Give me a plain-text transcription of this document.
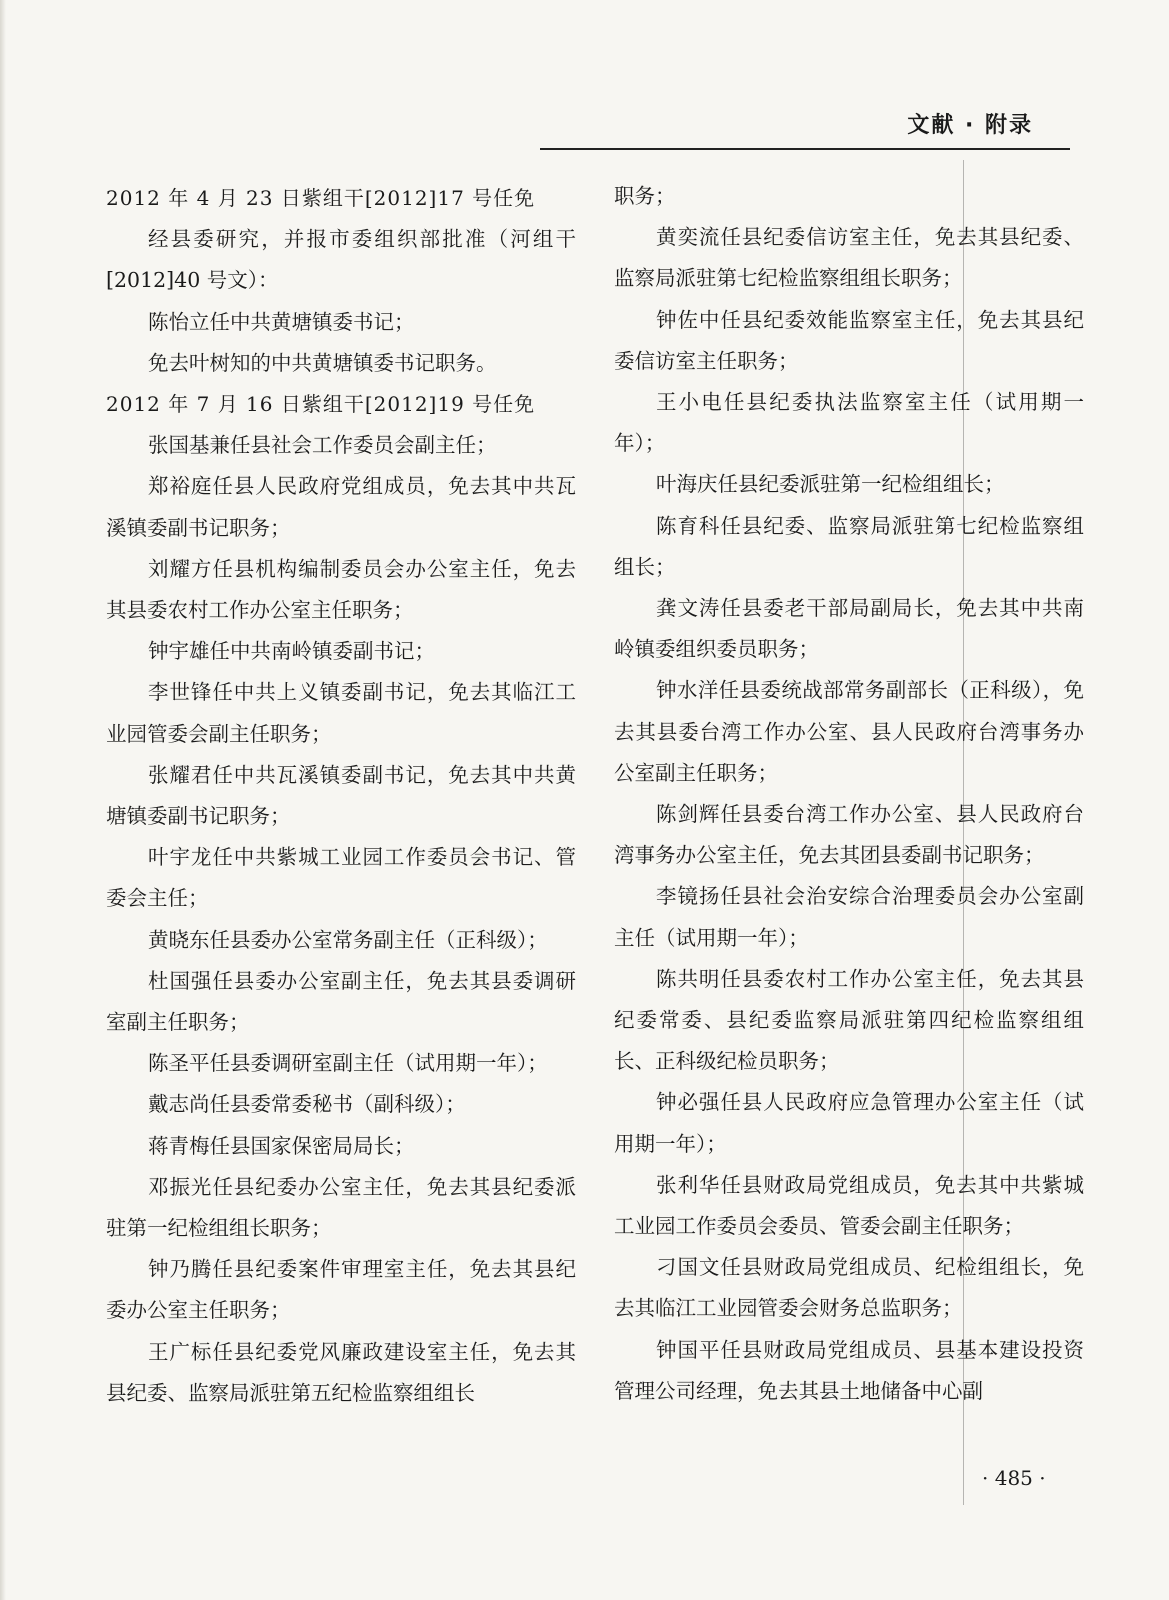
文献 · 附录

2012 年 4 月 23 日紫组干[2012]17 号任免

经县委研究，并报市委组织部批准（河组干[2012]40 号文）：

陈怡立任中共黄塘镇委书记；

免去叶树知的中共黄塘镇委书记职务。

2012 年 7 月 16 日紫组干[2012]19 号任免

张国基兼任县社会工作委员会副主任；

郑裕庭任县人民政府党组成员，免去其中共瓦溪镇委副书记职务；

刘耀方任县机构编制委员会办公室主任，免去其县委农村工作办公室主任职务；

钟宇雄任中共南岭镇委副书记；

李世锋任中共上义镇委副书记，免去其临江工业园管委会副主任职务；

张耀君任中共瓦溪镇委副书记，免去其中共黄塘镇委副书记职务；

叶宇龙任中共紫城工业园工作委员会书记、管委会主任；

黄晓东任县委办公室常务副主任（正科级）；

杜国强任县委办公室副主任，免去其县委调研室副主任职务；

陈圣平任县委调研室副主任（试用期一年）；

戴志尚任县委常委秘书（副科级）；

蒋青梅任县国家保密局局长；

邓振光任县纪委办公室主任，免去其县纪委派驻第一纪检组组长职务；

钟乃腾任县纪委案件审理室主任，免去其县纪委办公室主任职务；

王广标任县纪委党风廉政建设室主任，免去其县纪委、监察局派驻第五纪检监察组组长

职务；

黄奕流任县纪委信访室主任，免去其县纪委、监察局派驻第七纪检监察组组长职务；

钟佐中任县纪委效能监察室主任，免去其县纪委信访室主任职务；

王小电任县纪委执法监察室主任（试用期一年）；

叶海庆任县纪委派驻第一纪检组组长；

陈育科任县纪委、监察局派驻第七纪检监察组组长；

龚文涛任县委老干部局副局长，免去其中共南岭镇委组织委员职务；

钟水洋任县委统战部常务副部长（正科级），免去其县委台湾工作办公室、县人民政府台湾事务办公室副主任职务；

陈剑辉任县委台湾工作办公室、县人民政府台湾事务办公室主任，免去其团县委副书记职务；

李镜扬任县社会治安综合治理委员会办公室副主任（试用期一年）；

陈共明任县委农村工作办公室主任，免去其县纪委常委、县纪委监察局派驻第四纪检监察组组长、正科级纪检员职务；

钟必强任县人民政府应急管理办公室主任（试用期一年）；

张利华任县财政局党组成员，免去其中共紫城工业园工作委员会委员、管委会副主任职务；

刁国文任县财政局党组成员、纪检组组长，免去其临江工业园管委会财务总监职务；

钟国平任县财政局党组成员、县基本建设投资管理公司经理，免去其县土地储备中心副

· 485 ·
